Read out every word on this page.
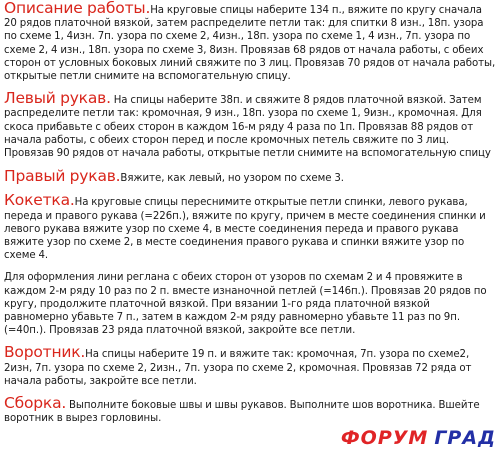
Описание работы.На круговые спицы наберите 134 п., вяжите по кругу сначала 20 рядов платочной вязкой, затем распределите петли так: для спитки 8 изн., 18п. узора по схеме 1, 4изн. 7п. узора по схеме 2, 4изн., 18п. узора по схеме 1, 4 изн., 7п. узора по схеме 2, 4 изн., 18п. узора по схеме 3, 8изн. Провязав 68 рядов от начала работы, с обеих сторон от условных боковых линий свяжите по 3 лиц. Провязав 70 рядов от начала работы, открытые петли снимите на вспомогательную спицу.

Левый рукав. На спицы наберите 38п. и свяжите 8 рядов платочной вязкой. Затем распределите петли так: кромочная, 9 изн., 18п. узора по схеме 1, 9изн., кромочная. Для скоса прибавьте с обеих сторон в каждом 16-м ряду 4 раза по 1п. Провязав 88 рядов от начала работы, с обеих сторон перед и после кромочных петель свяжите по 3 лиц. Провязав 90 рядов от начала работы, открытые петли снимите на вспомогательную спицу

Правый рукав.Вяжите, как левый, но узором по схеме 3.

Кокетка.На круговые спицы переснимите открытые петли спинки, левого рукава, переда и правого рукава (=226п.), вяжите по кругу, причем в месте соединения спинки и левого рукава вяжите узор по схеме 4, в месте соединения переда и правого рукава вяжите узор по схеме 2, в месте соединения правого рукава и спинки вяжите узор по схеме 4.

Для оформления лини реглана с обеих сторон от узоров по схемам 2 и 4 провяжите в каждом 2-м ряду 10 раз по 2 п. вместе изнаночной петлей (=146п.). Провязав 20 рядов по кругу, продолжите платочной вязкой. При вязании 1-го ряда платочной вязкой равномерно убавьте 7 п., затем в каждом 2-м ряду равномерно убавьте 11 раз по 9п.(=40п.). Провязав 23 ряда платочной вязкой, закройте все петли.

Воротник.На спицы наберите 19 п. и вяжите так: кромочная, 7п. узора по схеме2, 2изн, 7п. узора по схеме 2, 2изн., 7п. узора по схеме 2, кромочная. Провязав 72 ряда от начала работы, закройте все петли.

Сборка. Выполните боковые швы и швы рукавов. Выполните шов воротника. Вшейте воротник в вырез горловины.

ФОРУМ ГРАД
